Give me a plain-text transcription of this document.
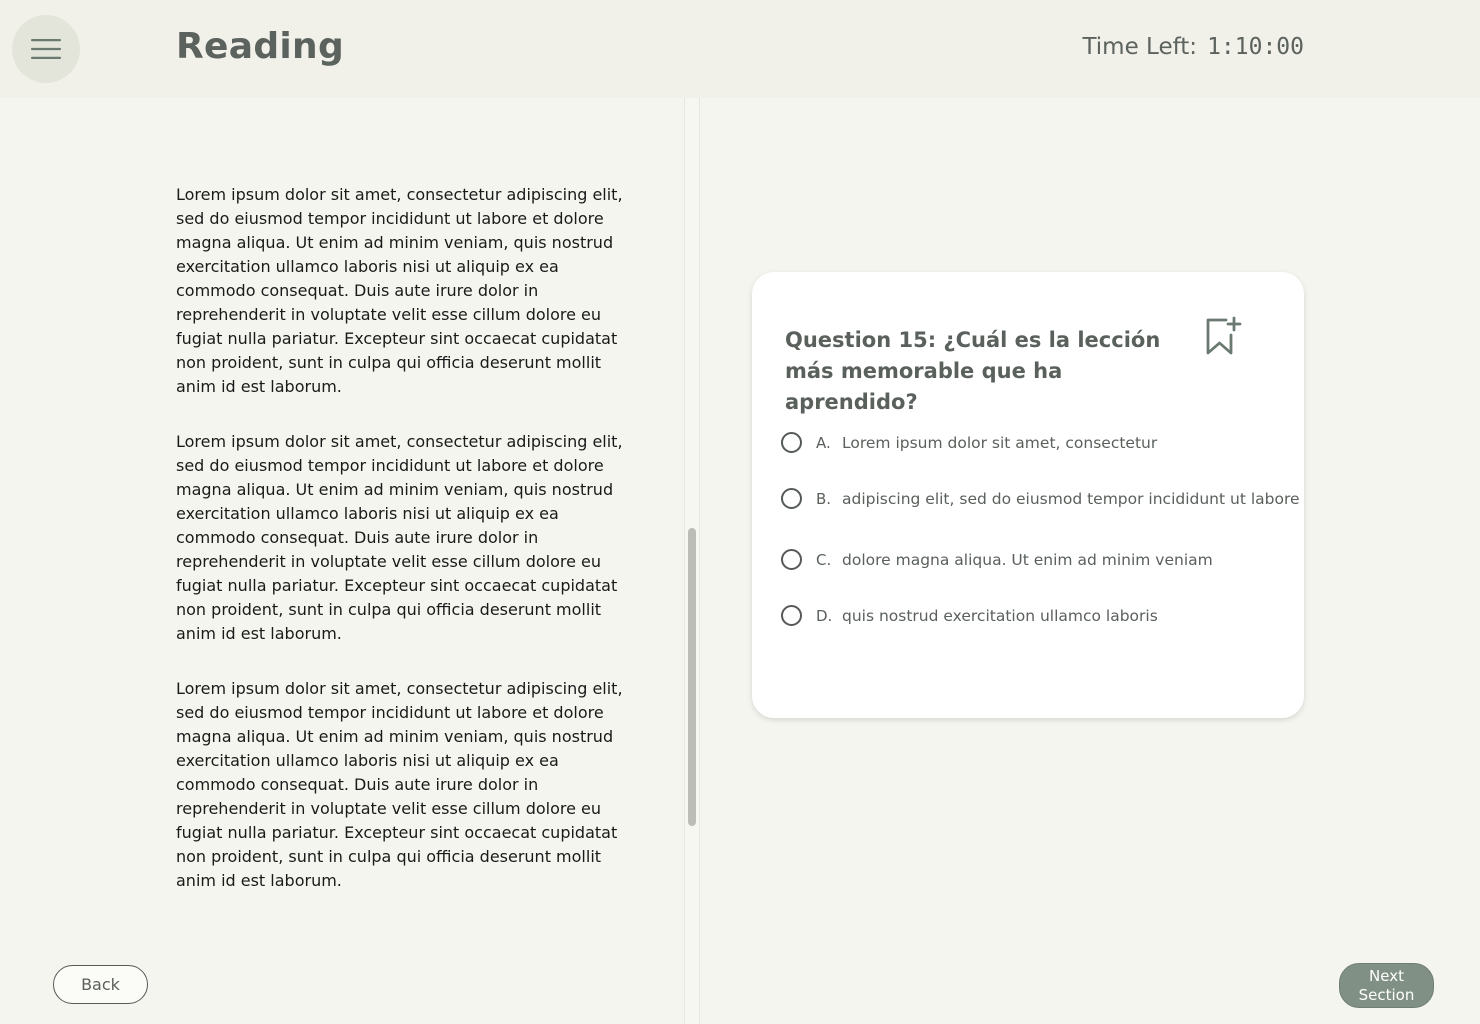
Reading	Time Left: 1:10:00

Lorem ipsum dolor sit amet, consectetur adipiscing elit, sed do eiusmod tempor incididunt ut labore et dolore magna aliqua. Ut enim ad minim veniam, quis nostrud exercitation ullamco laboris nisi ut aliquip ex ea commodo consequat. Duis aute irure dolor in reprehenderit in voluptate velit esse cillum dolore eu fugiat nulla pariatur. Excepteur sint occaecat cupidatat non proident, sunt in culpa qui officia deserunt mollit anim id est laborum.

Lorem ipsum dolor sit amet, consectetur adipiscing elit, sed do eiusmod tempor incididunt ut labore et dolore magna aliqua. Ut enim ad minim veniam, quis nostrud exercitation ullamco laboris nisi ut aliquip ex ea commodo consequat. Duis aute irure dolor in reprehenderit in voluptate velit esse cillum dolore eu fugiat nulla pariatur. Excepteur sint occaecat cupidatat non proident, sunt in culpa qui officia deserunt mollit anim id est laborum.

Lorem ipsum dolor sit amet, consectetur adipiscing elit, sed do eiusmod tempor incididunt ut labore et dolore magna aliqua. Ut enim ad minim veniam, quis nostrud exercitation ullamco laboris nisi ut aliquip ex ea commodo consequat. Duis aute irure dolor in reprehenderit in voluptate velit esse cillum dolore eu fugiat nulla pariatur. Excepteur sint occaecat cupidatat non proident, sunt in culpa qui officia deserunt mollit anim id est laborum.

Question 15: ¿Cuál es la lección más memorable que ha aprendido?
A. Lorem ipsum dolor sit amet, consectetur
B. adipiscing elit, sed do eiusmod tempor incididunt ut labore
C. dolore magna aliqua. Ut enim ad minim veniam
D. quis nostrud exercitation ullamco laboris
Back	Next
Section
